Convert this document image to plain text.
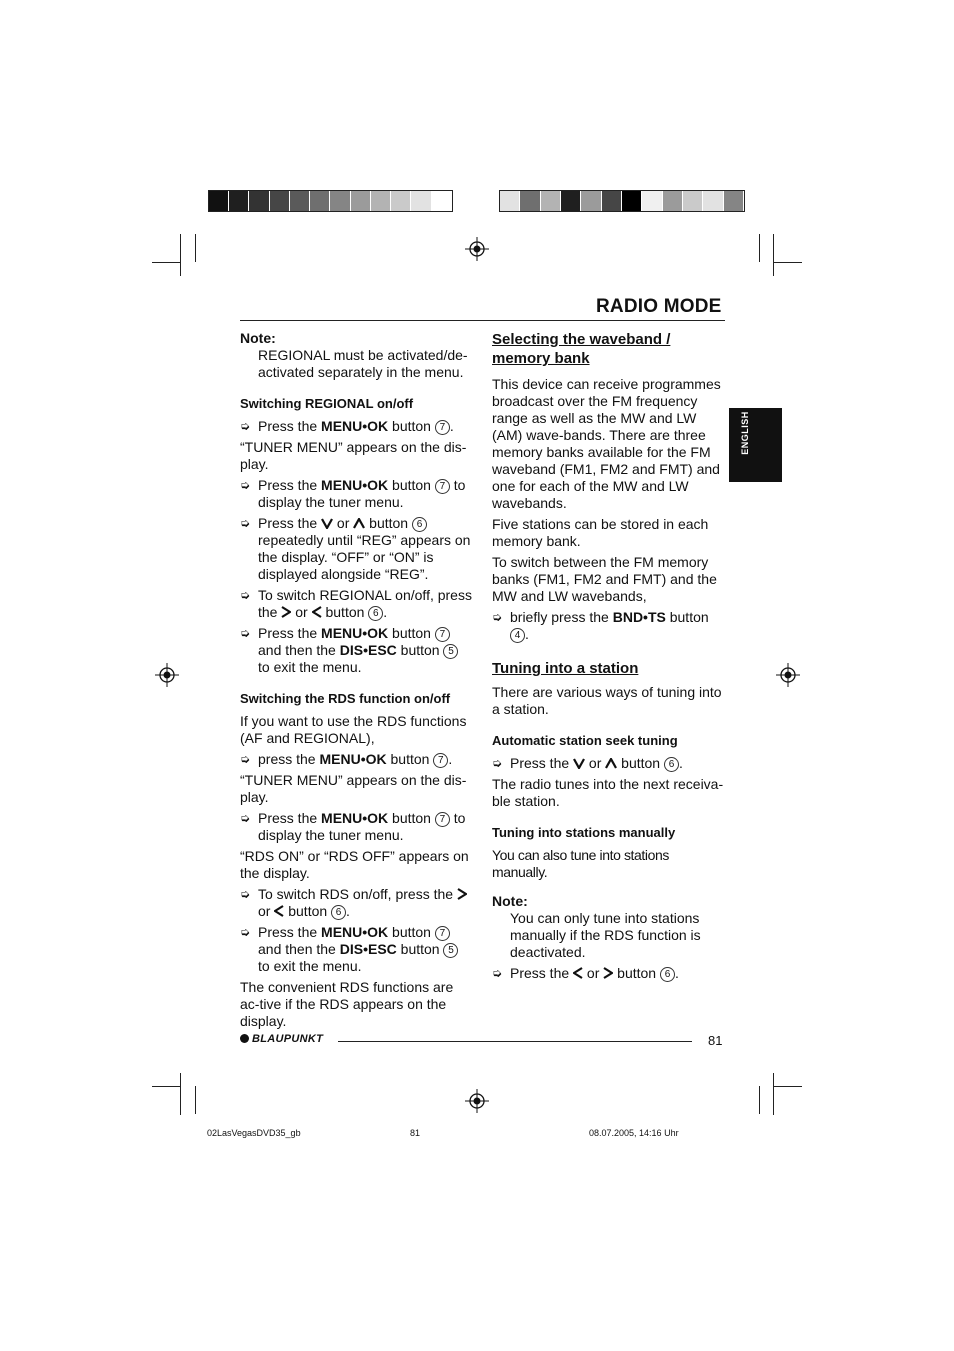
RADIO MODE
ENGLISH

Note:

REGIONAL must be activated/de-activated separately in the menu.

Switching REGIONAL on/off

➭ Press the MENU•OK button 7 .

“TUNER MENU” appears on the dis-play.

➭ Press the MENU•OK button 7 to display the tuner menu.

➭ Press the  or  button 6 repeatedly until “REG” appears on the display. “OFF” or “ON” is displayed alongside “REG”.

➭ To switch REGIONAL on/off, press the  or  button 6 .

➭ Press the MENU•OK button 7 and then the DIS•ESC button 5 to exit the menu.

Switching the RDS function on/off

If you want to use the RDS functions (AF and REGIONAL),

➭ press the MENU•OK button 7 .

“TUNER MENU” appears on the dis-play.

➭ Press the MENU•OK button 7 to display the tuner menu.

“RDS ON” or “RDS OFF” appears on the display.

➭ To switch RDS on/off, press the  or  button 6 .

➭ Press the MENU•OK button 7 and then the DIS•ESC button 5 to exit the menu.

The convenient RDS functions are ac-tive if the RDS appears on the display.

Selecting the waveband / memory bank

This device can receive programmes broadcast over the FM frequency range as well as the MW and LW (AM) wave-bands. There are three memory banks available for the FM waveband (FM1, FM2 and FMT) and one for each of the MW and LW wavebands.

Five stations can be stored in each memory bank.

To switch between the FM memory banks (FM1, FM2 and FMT) and the MW and LW wavebands,

➭ briefly press the BND•TS button 4 .

Tuning into a station

There are various ways of tuning into a station.

Automatic station seek tuning

➭ Press the  or  button 6 .

The radio tunes into the next receiva-ble station.

Tuning into stations manually

You can also tune into stations manually.

Note:

You can only tune into stations manually if the RDS function is deactivated.

➭ Press the  or  button 6 .

BLAUPUNKT	81
02LasVegasDVD35_gb	81	08.07.2005, 14:16 Uhr
